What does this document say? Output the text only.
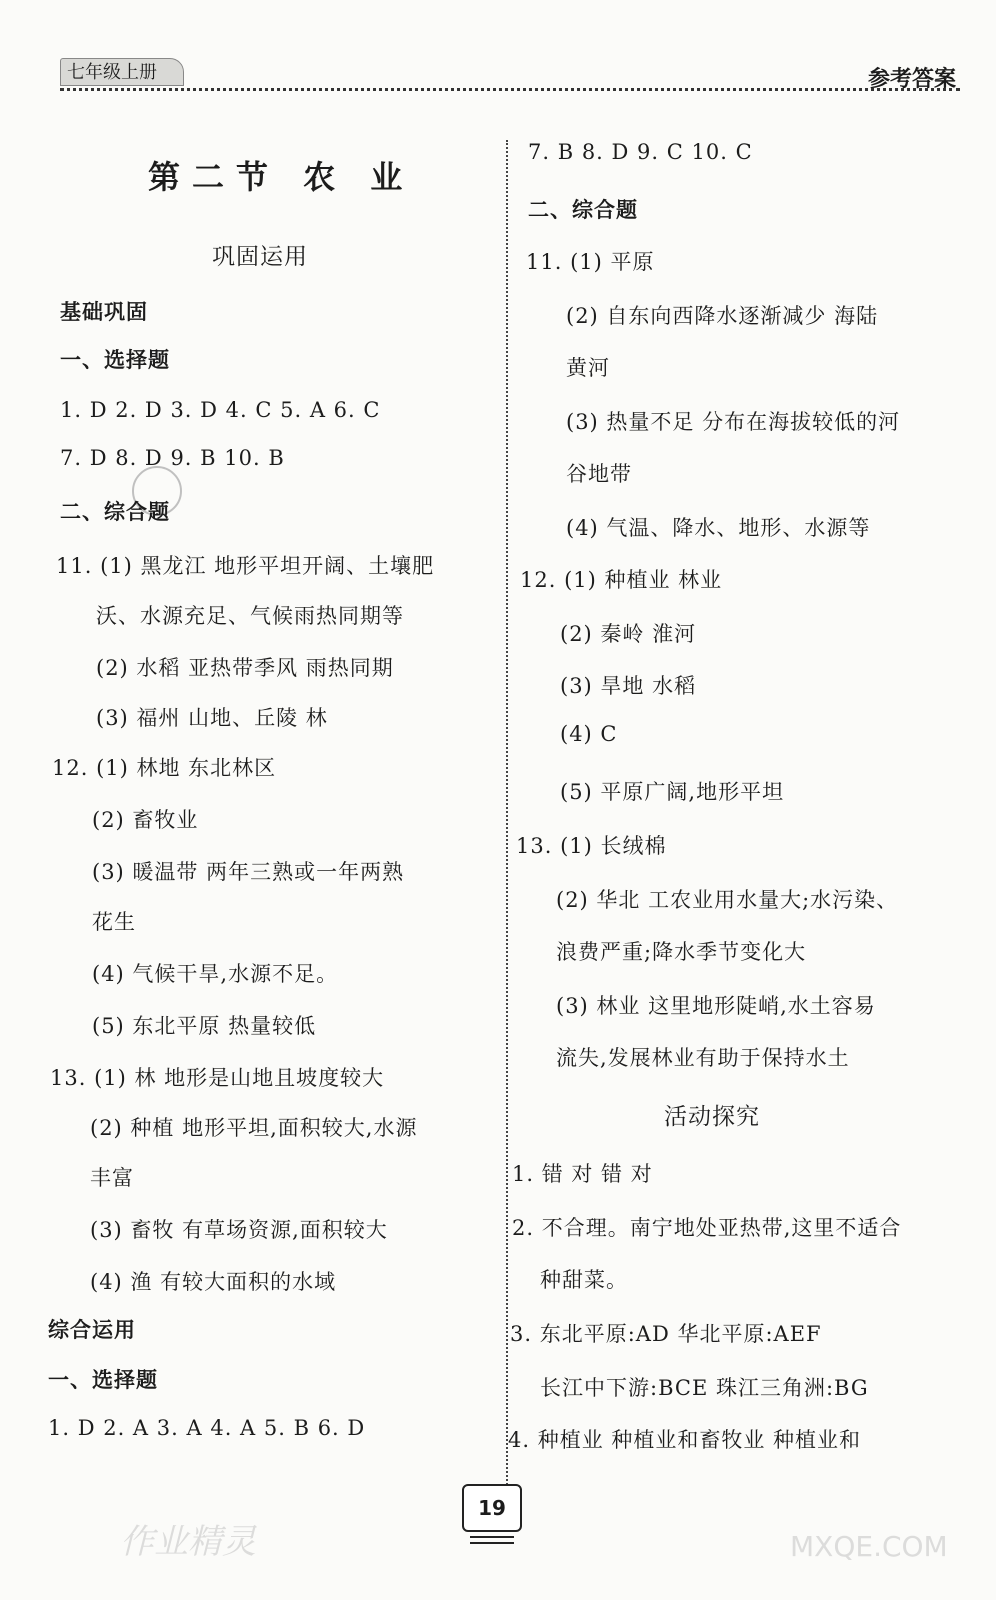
七年级上册	参考答案
第二节 农 业
巩固运用
基础巩固
一、选择题
1. D 2. D 3. D 4. C 5. A 6. C
7. D 8. D 9. B 10. B
二、综合题
11. (1) 黑龙江 地形平坦开阔、土壤肥
沃、水源充足、气候雨热同期等
(2) 水稻 亚热带季风 雨热同期
(3) 福州 山地、丘陵 林
12. (1) 林地 东北林区
(2) 畜牧业
(3) 暖温带 两年三熟或一年两熟
花生
(4) 气候干旱,水源不足。
(5) 东北平原 热量较低
13. (1) 林 地形是山地且坡度较大
(2) 种植 地形平坦,面积较大,水源
丰富
(3) 畜牧 有草场资源,面积较大
(4) 渔 有较大面积的水域
综合运用
一、选择题
1. D 2. A 3. A 4. A 5. B 6. D
7. B 8. D 9. C 10. C
二、综合题
11. (1) 平原
(2) 自东向西降水逐渐减少 海陆
黄河
(3) 热量不足 分布在海拔较低的河
谷地带
(4) 气温、降水、地形、水源等
12. (1) 种植业 林业
(2) 秦岭 淮河
(3) 旱地 水稻
(4) C
(5) 平原广阔,地形平坦
13. (1) 长绒棉
(2) 华北 工农业用水量大;水污染、
浪费严重;降水季节变化大
(3) 林业 这里地形陡峭,水土容易
流失,发展林业有助于保持水土
活动探究
1. 错 对 错 对
2. 不合理。南宁地处亚热带,这里不适合
种甜菜。
3. 东北平原:AD 华北平原:AEF
长江中下游:BCE 珠江三角洲:BG
4. 种植业 种植业和畜牧业 种植业和
19
作业精灵	MXQE.COM
